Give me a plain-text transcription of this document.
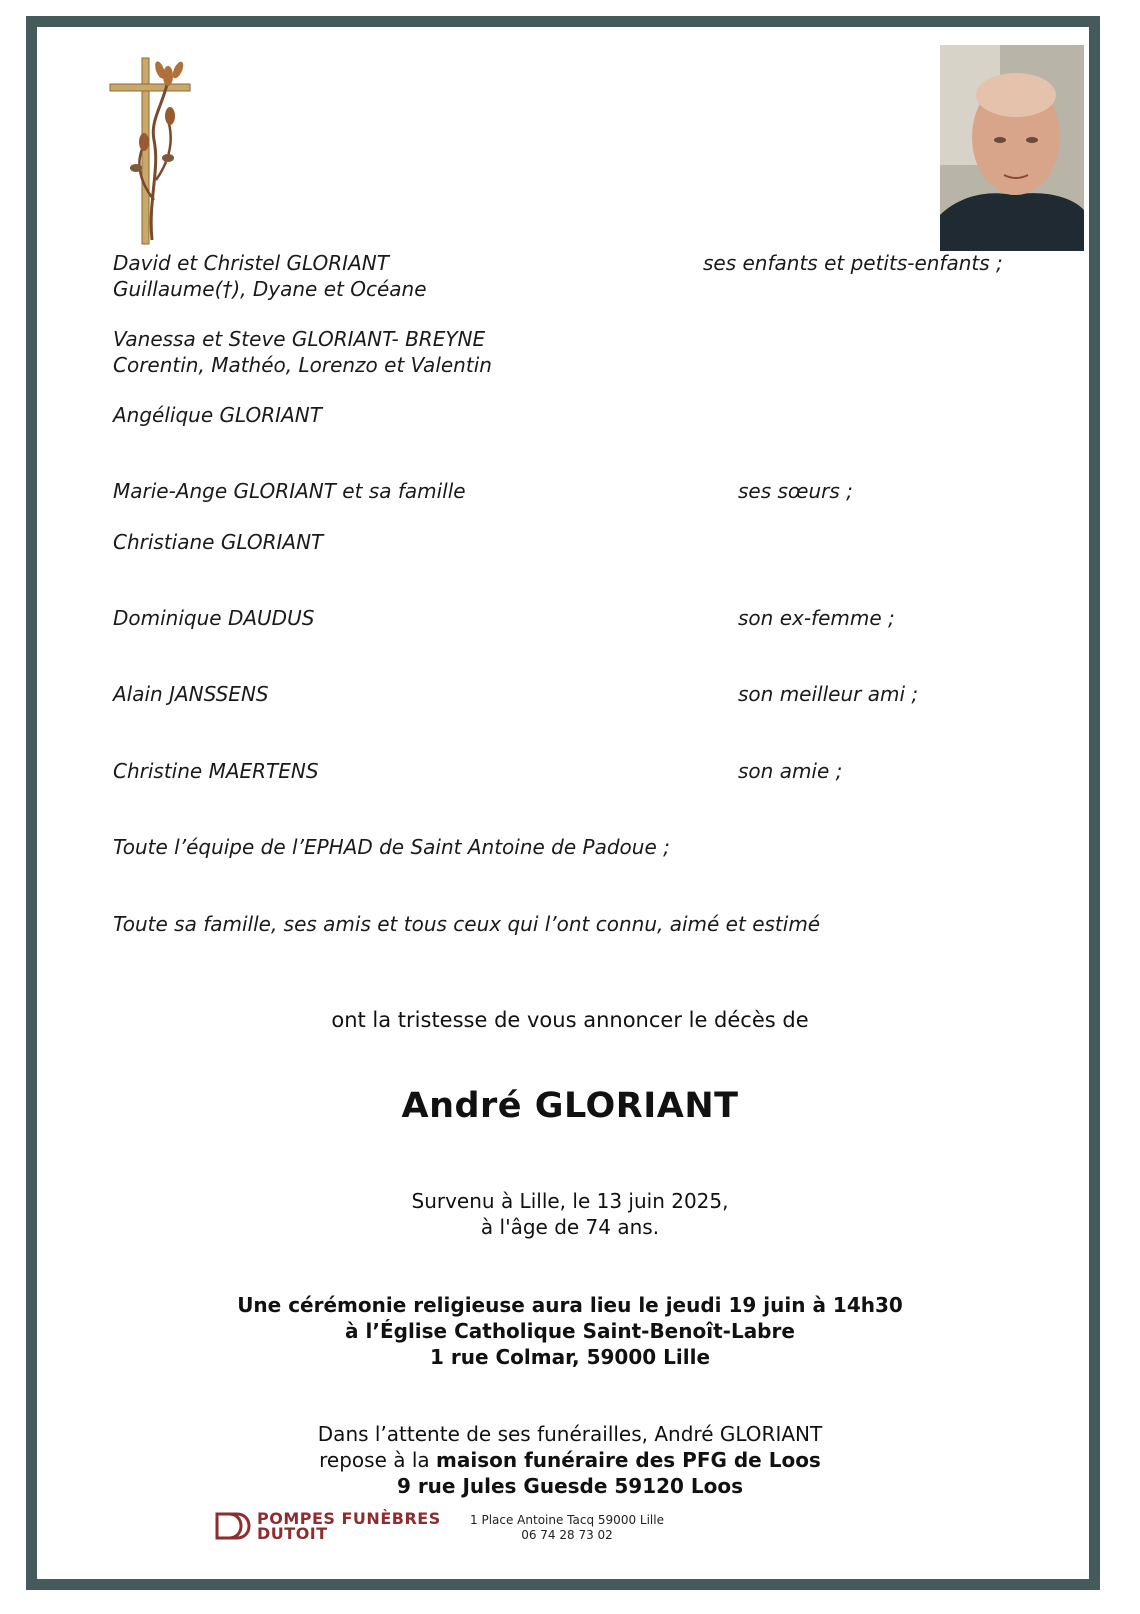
David et Christel GLORIANT	ses enfants et petits-enfants ;
Guillaume(†), Dyane et Océane
Vanessa et Steve GLORIANT- BREYNE
Corentin, Mathéo, Lorenzo et Valentin
Angélique GLORIANT
Marie-Ange GLORIANT et sa famille	ses sœurs ;
Christiane GLORIANT
Dominique DAUDUS	son ex-femme ;
Alain JANSSENS	son meilleur ami ;
Christine MAERTENS	son amie ;
Toute l’équipe de l’EPHAD de Saint Antoine de Padoue ;
Toute sa famille, ses amis et tous ceux qui l’ont connu, aimé et estimé
ont la tristesse de vous annoncer le décès de
André GLORIANT
Survenu à Lille, le 13 juin 2025,
à l'âge de 74 ans.
Une cérémonie religieuse aura lieu le jeudi 19 juin à 14h30
à l’Église Catholique Saint-Benoît-Labre
1 rue Colmar, 59000 Lille
Dans l’attente de ses funérailles, André GLORIANT
repose à la maison funéraire des PFG de Loos
9 rue Jules Guesde 59120 Loos
POMPES FUNÈBRES
DUTOIT
1 Place Antoine Tacq 59000 Lille
06 74 28 73 02
